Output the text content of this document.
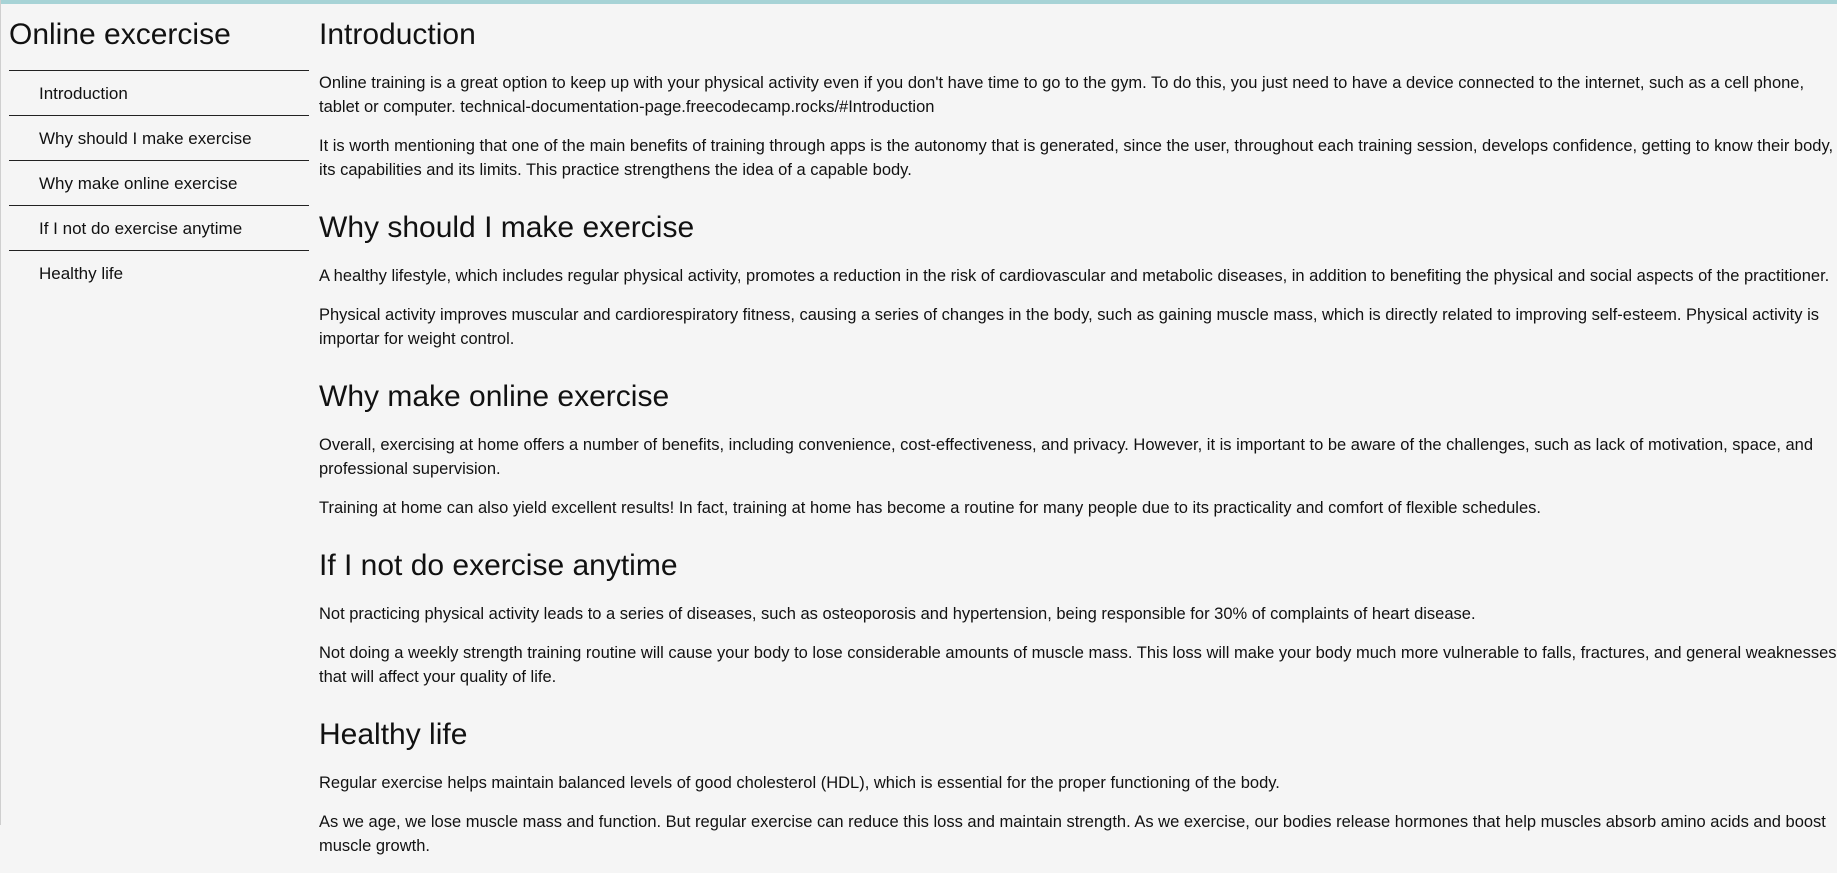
Online excercise
Introduction
Why should I make exercise
Why make online exercise
If I not do exercise anytime
Healthy life
Introduction

Online training is a great option to keep up with your physical activity even if you don't have time to go to the gym. To do this, you just need to have a device connected to the internet, such as a cell phone, tablet or computer. technical-documentation-page.freecodecamp.rocks/#Introduction

It is worth mentioning that one of the main benefits of training through apps is the autonomy that is generated, since the user, throughout each training session, develops confidence, getting to know their body, its capabilities and its limits. This practice strengthens the idea of a capable body.

Why should I make exercise

A healthy lifestyle, which includes regular physical activity, promotes a reduction in the risk of cardiovascular and metabolic diseases, in addition to benefiting the physical and social aspects of the practitioner.

Physical activity improves muscular and cardiorespiratory fitness, causing a series of changes in the body, such as gaining muscle mass, which is directly related to improving self-esteem. Physical activity is importar for weight control.

Why make online exercise

Overall, exercising at home offers a number of benefits, including convenience, cost-effectiveness, and privacy. However, it is important to be aware of the challenges, such as lack of motivation, space, and professional supervision.

Training at home can also yield excellent results! In fact, training at home has become a routine for many people due to its practicality and comfort of flexible schedules.

If I not do exercise anytime

Not practicing physical activity leads to a series of diseases, such as osteoporosis and hypertension, being responsible for 30% of complaints of heart disease.

Not doing a weekly strength training routine will cause your body to lose considerable amounts of muscle mass. This loss will make your body much more vulnerable to falls, fractures, and general weaknesses that will affect your quality of life.

Healthy life

Regular exercise helps maintain balanced levels of good cholesterol (HDL), which is essential for the proper functioning of the body.

As we age, we lose muscle mass and function. But regular exercise can reduce this loss and maintain strength. As we exercise, our bodies release hormones that help muscles absorb amino acids and boost muscle growth.
